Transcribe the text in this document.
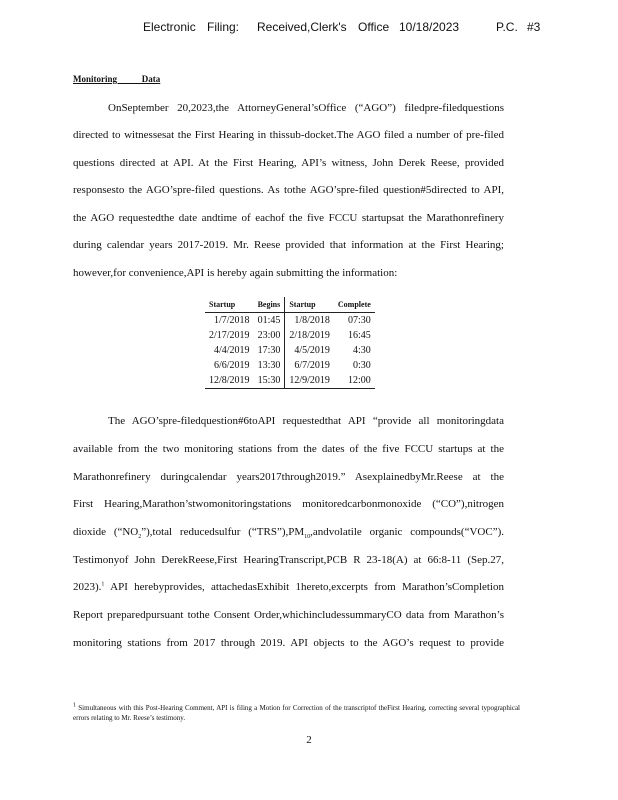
Electronic Filing: Received,Clerk's Office 10/18/2023	P.C. #3
Monitoring           Data
OnSeptember 20,2023,the AttorneyGeneral’sOffice (“AGO”) filedpre-filedquestions
directed to witnessesat the First Hearing in thissub-docket.The AGO filed a number of pre-filed
questions directed at API. At the First Hearing, API’s witness, John Derek Reese, provided
responsesto the AGO’spre-filed questions. As tothe AGO’spre-filed question#5directed to API,
the AGO requestedthe date andtime of eachof the five FCCU startupsat the Marathonrefinery
during calendar years 2017-2019. Mr. Reese provided that information at the First Hearing;
however,for convenience,API is hereby again submitting the information:
Startup	Begins	Startup	Complete
1/7/2018	01:45	1/8/2018	07:30
2/17/2019	23:00	2/18/2019	16:45
4/4/2019	17:30	4/5/2019	4:30
6/6/2019	13:30	6/7/2019	0:30
12/8/2019	15:30	12/9/2019	12:00
The AGO’spre-filedquestion#6toAPI requestedthat API “provide all monitoringdata
available from the two monitoring stations from the dates of the five FCCU startups at the
Marathonrefinery duringcalendar years2017through2019.” AsexplainedbyMr.Reese at the
First Hearing,Marathon’stwomonitoringstations monitoredcarbonmonoxide (“CO”),nitrogen
dioxide $(“NO_2”),total$ reducedsulfur $(“TRS”),PM_{10},andvolatile$ organic compounds(“VOC”).
Testimonyof John DerekReese,First HearingTranscript,PCB R 23-18(A) at 66:8-11 (Sep.27,
2023).$^1$ API herebyprovides, attachedasExhibit 1hereto,excerpts from Marathon’sCompletion
Report preparedpursuant tothe Consent Order,whichincludessummaryCO data from Marathon’s
monitoring stations from 2017 through 2019. API objects to the AGO’s request to provide
$^1$ Simultaneous with this Post-Hearing Comment, API is filing a Motion for Correction of the transcriptof theFirst Hearing, correcting several typographical errors relating to Mr. Reese’s testimony.
2
